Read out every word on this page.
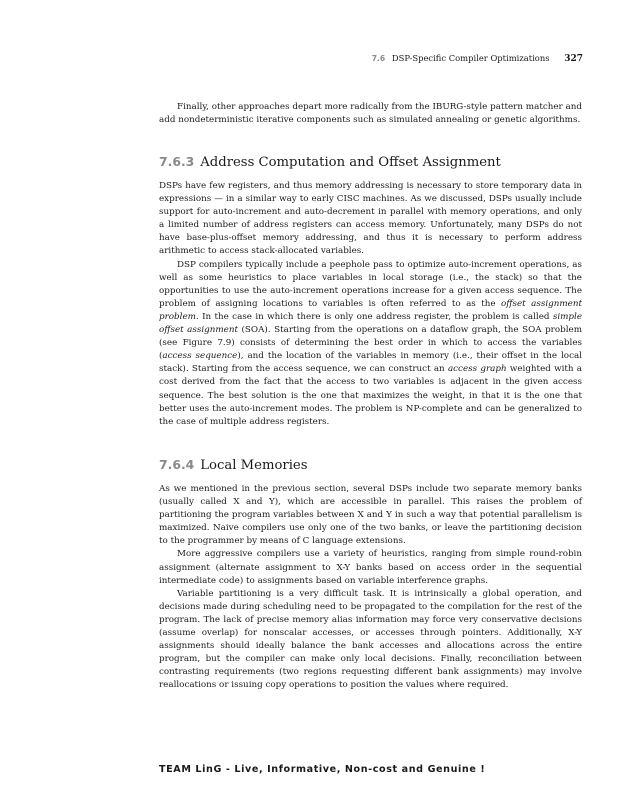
7.6 DSP-Specific Compiler Optimizations 327

Finally, other approaches depart more radically from the IBURG-style pattern matcher and add nondeterministic iterative components such as simulated annealing or genetic algorithms.

7.6.3 Address Computation and Offset Assignment

DSPs have few registers, and thus memory addressing is necessary to store temporary data in expressions — in a similar way to early CISC machines. As we discussed, DSPs usually include support for auto-increment and auto-decrement in parallel with memory operations, and only a limited number of address registers can access memory. Unfortunately, many DSPs do not have base-plus-offset memory addressing, and thus it is necessary to perform address arithmetic to access stack-allocated variables.

DSP compilers typically include a peephole pass to optimize auto-increment operations, as well as some heuristics to place variables in local storage (i.e., the stack) so that the opportunities to use the auto-increment operations increase for a given access sequence. The problem of assigning locations to variables is often referred to as the offset assignment problem. In the case in which there is only one address register, the problem is called simple offset assignment (SOA). Starting from the operations on a dataflow graph, the SOA problem (see Figure 7.9) consists of determining the best order in which to access the variables (access sequence), and the location of the variables in memory (i.e., their offset in the local stack). Starting from the access sequence, we can construct an access graph weighted with a cost derived from the fact that the access to two variables is adjacent in the given access sequence. The best solution is the one that maximizes the weight, in that it is the one that better uses the auto-increment modes. The problem is NP-complete and can be generalized to the case of multiple address registers.

7.6.4 Local Memories

As we mentioned in the previous section, several DSPs include two separate memory banks (usually called X and Y), which are accessible in parallel. This raises the problem of partitioning the program variables between X and Y in such a way that potential parallelism is maximized. Naive compilers use only one of the two banks, or leave the partitioning decision to the programmer by means of C language extensions.

More aggressive compilers use a variety of heuristics, ranging from simple round-robin assignment (alternate assignment to X-Y banks based on access order in the sequential intermediate code) to assignments based on variable interference graphs.

Variable partitioning is a very difficult task. It is intrinsically a global operation, and decisions made during scheduling need to be propagated to the compilation for the rest of the program. The lack of precise memory alias information may force very conservative decisions (assume overlap) for nonscalar accesses, or accesses through pointers. Additionally, X-Y assignments should ideally balance the bank accesses and allocations across the entire program, but the compiler can make only local decisions. Finally, reconciliation between contrasting requirements (two regions requesting different bank assignments) may involve reallocations or issuing copy operations to position the values where required.

TEAM LinG - Live, Informative, Non-cost and Genuine !
